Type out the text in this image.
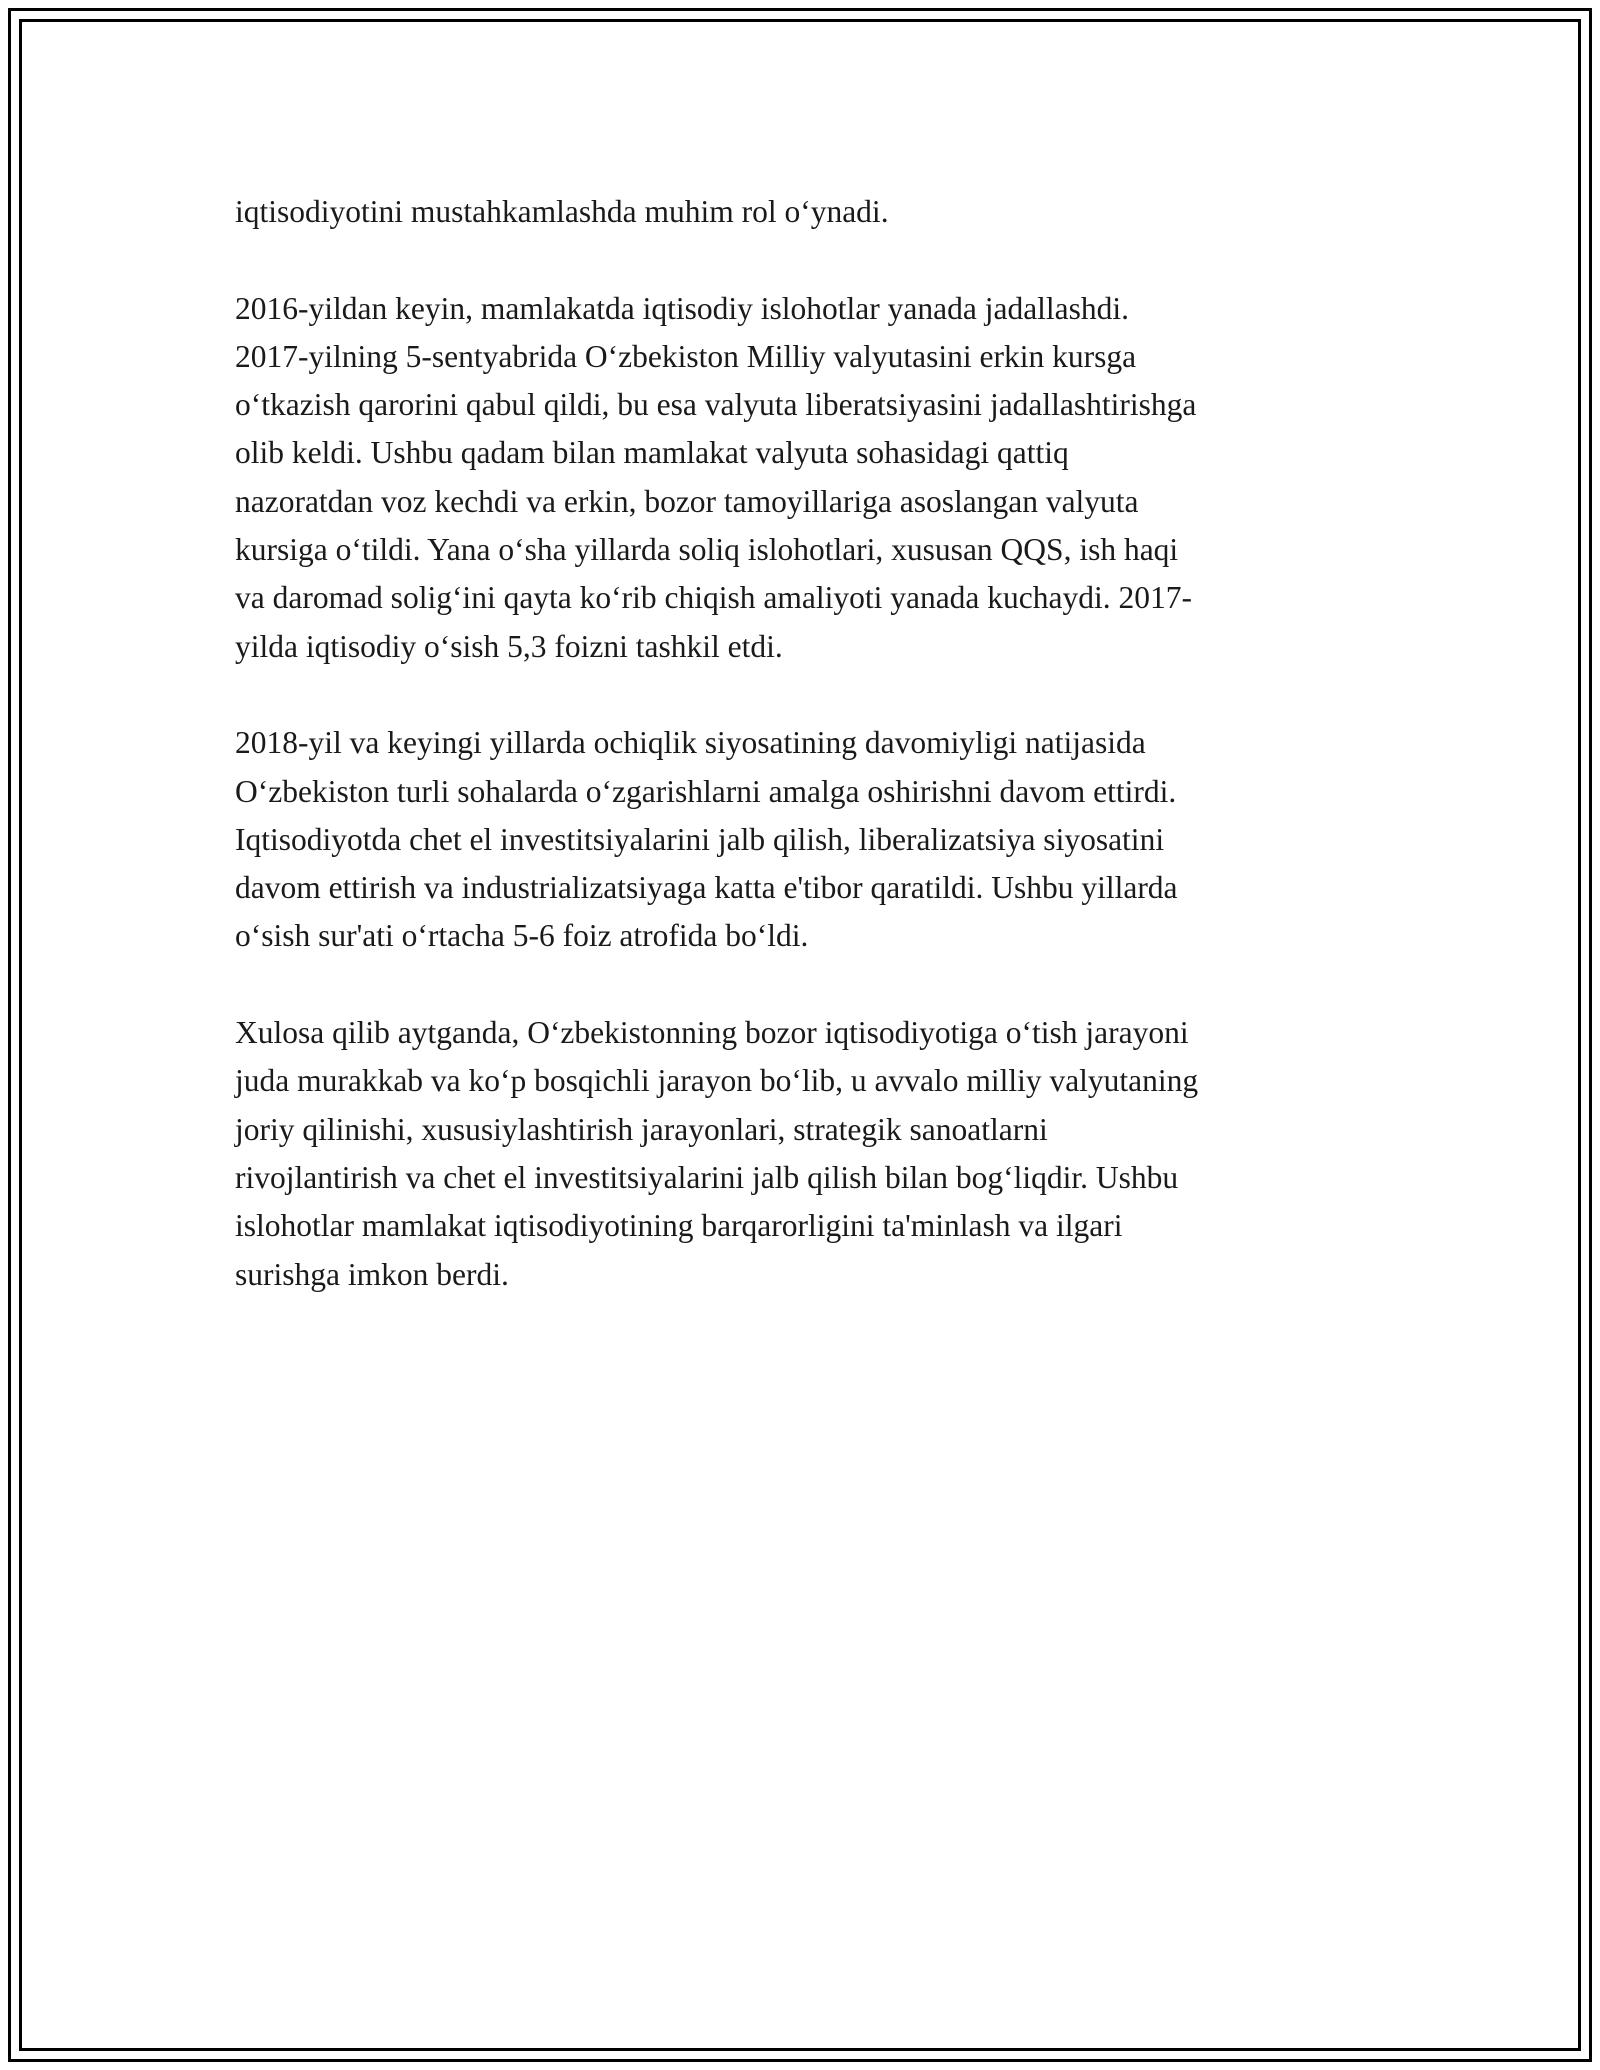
iqtisodiyotini mustahkamlashda muhim rol o‘ynadi.

2016-yildan keyin, mamlakatda iqtisodiy islohotlar yanada jadallashdi.
2017-yilning 5-sentyabrida O‘zbekiston Milliy valyutasini erkin kursga
o‘tkazish qarorini qabul qildi, bu esa valyuta liberatsiyasini jadallashtirishga
olib keldi. Ushbu qadam bilan mamlakat valyuta sohasidagi qattiq
nazoratdan voz kechdi va erkin, bozor tamoyillariga asoslangan valyuta
kursiga o‘tildi. Yana o‘sha yillarda soliq islohotlari, xususan QQS, ish haqi
va daromad solig‘ini qayta ko‘rib chiqish amaliyoti yanada kuchaydi. 2017-
yilda iqtisodiy o‘sish 5,3 foizni tashkil etdi.

2018-yil va keyingi yillarda ochiqlik siyosatining davomiyligi natijasida
O‘zbekiston turli sohalarda o‘zgarishlarni amalga oshirishni davom ettirdi.
Iqtisodiyotda chet el investitsiyalarini jalb qilish, liberalizatsiya siyosatini
davom ettirish va industrializatsiyaga katta e'tibor qaratildi. Ushbu yillarda
o‘sish sur'ati o‘rtacha 5-6 foiz atrofida bo‘ldi.

Xulosa qilib aytganda, O‘zbekistonning bozor iqtisodiyotiga o‘tish jarayoni
juda murakkab va ko‘p bosqichli jarayon bo‘lib, u avvalo milliy valyutaning
joriy qilinishi, xususiylashtirish jarayonlari, strategik sanoatlarni
rivojlantirish va chet el investitsiyalarini jalb qilish bilan bog‘liqdir. Ushbu
islohotlar mamlakat iqtisodiyotining barqarorligini ta'minlash va ilgari
surishga imkon berdi.
